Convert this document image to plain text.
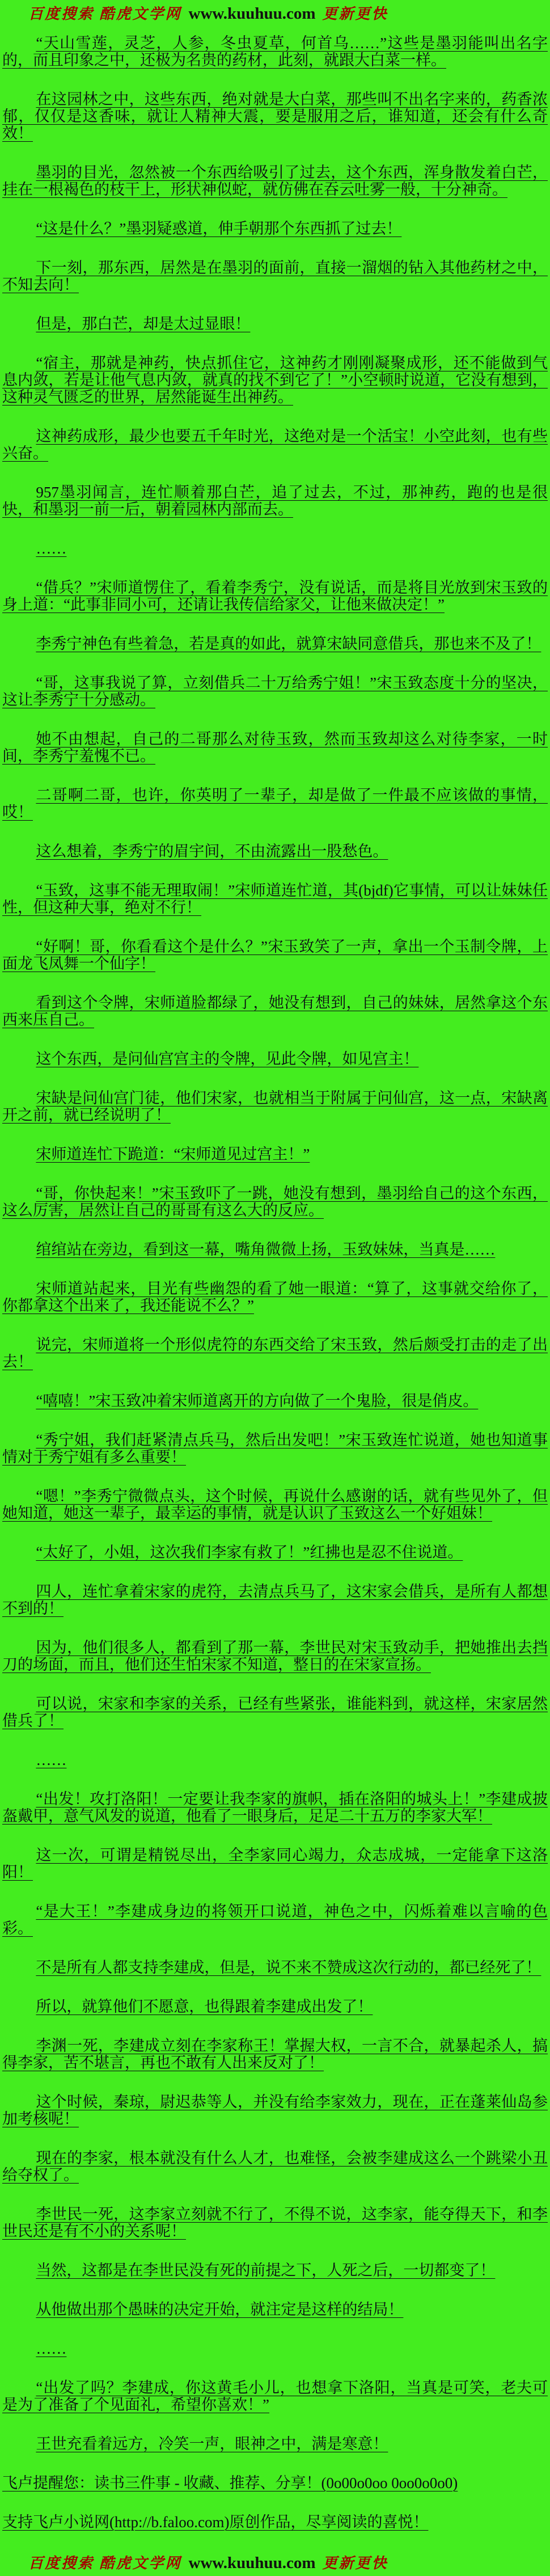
百度搜索 酷虎文学网 www.kuuhuu.com 更新更快

“天山雪莲，灵芝，人参，冬虫夏草，何首乌……”这些是墨羽能叫出名字的，而且印象之中，还极为名贵的药材，此刻，就跟大白菜一样。

在这园林之中，这些东西，绝对就是大白菜，那些叫不出名字来的，药香浓郁，仅仅是这香味，就让人精神大震，要是服用之后，谁知道，还会有什么奇效！

墨羽的目光，忽然被一个东西给吸引了过去，这个东西，浑身散发着白芒，挂在一根褐色的枝干上，形状神似蛇，就仿佛在吞云吐雾一般，十分神奇。

“这是什么？”墨羽疑惑道，伸手朝那个东西抓了过去！

下一刻，那东西，居然是在墨羽的面前，直接一溜烟的钻入其他药材之中，不知去向！

但是，那白芒，却是太过显眼！

“宿主，那就是神药，快点抓住它，这神药才刚刚凝聚成形，还不能做到气息内敛，若是让他气息内敛，就真的找不到它了！”小空顿时说道，它没有想到，这种灵气匮乏的世界，居然能诞生出神药。

这神药成形，最少也要五千年时光，这绝对是一个活宝！小空此刻，也有些兴奋。

957墨羽闻言，连忙顺着那白芒，追了过去，不过，那神药，跑的也是很快，和墨羽一前一后，朝着园林内部而去。

……

“借兵？”宋师道愣住了，看着李秀宁，没有说话，而是将目光放到宋玉致的身上道：“此事非同小可，还请让我传信给家父，让他来做决定！”

李秀宁神色有些着急，若是真的如此，就算宋缺同意借兵，那也来不及了！

“哥，这事我说了算，立刻借兵二十万给秀宁姐！”宋玉致态度十分的坚决，这让李秀宁十分感动。

她不由想起，自己的二哥那么对待玉致，然而玉致却这么对待李家，一时间，李秀宁羞愧不已。

二哥啊二哥，也许，你英明了一辈子，却是做了一件最不应该做的事情，哎！

这么想着，李秀宁的眉宇间，不由流露出一股愁色。

“玉致，这事不能无理取闹！”宋师道连忙道，其(bjdf)它事情，可以让妹妹任性，但这种大事，绝对不行！

“好啊！哥，你看看这个是什么？”宋玉致笑了一声，拿出一个玉制令牌，上面龙飞凤舞一个仙字！

看到这个令牌，宋师道脸都绿了，她没有想到，自己的妹妹，居然拿这个东西来压自己。

这个东西，是问仙宫宫主的令牌，见此令牌，如见宫主！

宋缺是问仙宫门徒，他们宋家，也就相当于附属于问仙宫，这一点，宋缺离开之前，就已经说明了！

宋师道连忙下跪道：“宋师道见过宫主！”

“哥，你快起来！”宋玉致吓了一跳，她没有想到，墨羽给自己的这个东西，这么厉害，居然让自己的哥哥有这么大的反应。

绾绾站在旁边，看到这一幕，嘴角微微上扬，玉致妹妹，当真是……

宋师道站起来，目光有些幽怨的看了她一眼道：“算了，这事就交给你了，你都拿这个出来了，我还能说不么？”

说完，宋师道将一个形似虎符的东西交给了宋玉致，然后颇受打击的走了出去！

“嘻嘻！”宋玉致冲着宋师道离开的方向做了一个鬼脸，很是俏皮。

“秀宁姐，我们赶紧清点兵马，然后出发吧！”宋玉致连忙说道，她也知道事情对于秀宁姐有多么重要！

“嗯！”李秀宁微微点头，这个时候，再说什么感谢的话，就有些见外了，但她知道，她这一辈子，最幸运的事情，就是认识了玉致这么一个好姐妹！

“太好了，小姐，这次我们李家有救了！”红拂也是忍不住说道。

四人，连忙拿着宋家的虎符，去清点兵马了，这宋家会借兵，是所有人都想不到的！

因为，他们很多人，都看到了那一幕，李世民对宋玉致动手，把她推出去挡刀的场面，而且，他们还生怕宋家不知道，整日的在宋家宣扬。

可以说，宋家和李家的关系，已经有些紧张，谁能料到，就这样，宋家居然借兵了！

……

“出发！攻打洛阳！一定要让我李家的旗帜，插在洛阳的城头上！”李建成披盔戴甲，意气风发的说道，他看了一眼身后，足足二十五万的李家大军！

这一次，可谓是精锐尽出，全李家同心竭力，众志成城，一定能拿下这洛阳！

“是大王！”李建成身边的将领开口说道，神色之中，闪烁着难以言喻的色彩。

不是所有人都支持李建成，但是，说不来不赞成这次行动的，都已经死了！

所以，就算他们不愿意，也得跟着李建成出发了！

李渊一死，李建成立刻在李家称王！掌握大权，一言不合，就暴起杀人，搞得李家，苦不堪言，再也不敢有人出来反对了！

这个时候，秦琼，尉迟恭等人，并没有给李家效力，现在，正在蓬莱仙岛参加考核呢！

现在的李家，根本就没有什么人才，也难怪，会被李建成这么一个跳梁小丑给夺权了。

李世民一死，这李家立刻就不行了，不得不说，这李家，能夺得天下，和李世民还是有不小的关系呢！

当然，这都是在李世民没有死的前提之下，人死之后，一切都变了！

从他做出那个愚昧的决定开始，就注定是这样的结局！

……

“出发了吗？李建成，你这黄毛小儿，也想拿下洛阳，当真是可笑，老夫可是为了准备了个见面礼，希望你喜欢！”

王世充看着远方，冷笑一声，眼神之中，满是寒意！

飞卢提醒您：读书三件事 - 收藏、推荐、分享！(0o00o0oo 0oo0o0o0)

支持飞卢小说网(http://b.faloo.com)原创作品，尽享阅读的喜悦！

百度搜索 酷虎文学网 www.kuuhuu.com 更新更快
